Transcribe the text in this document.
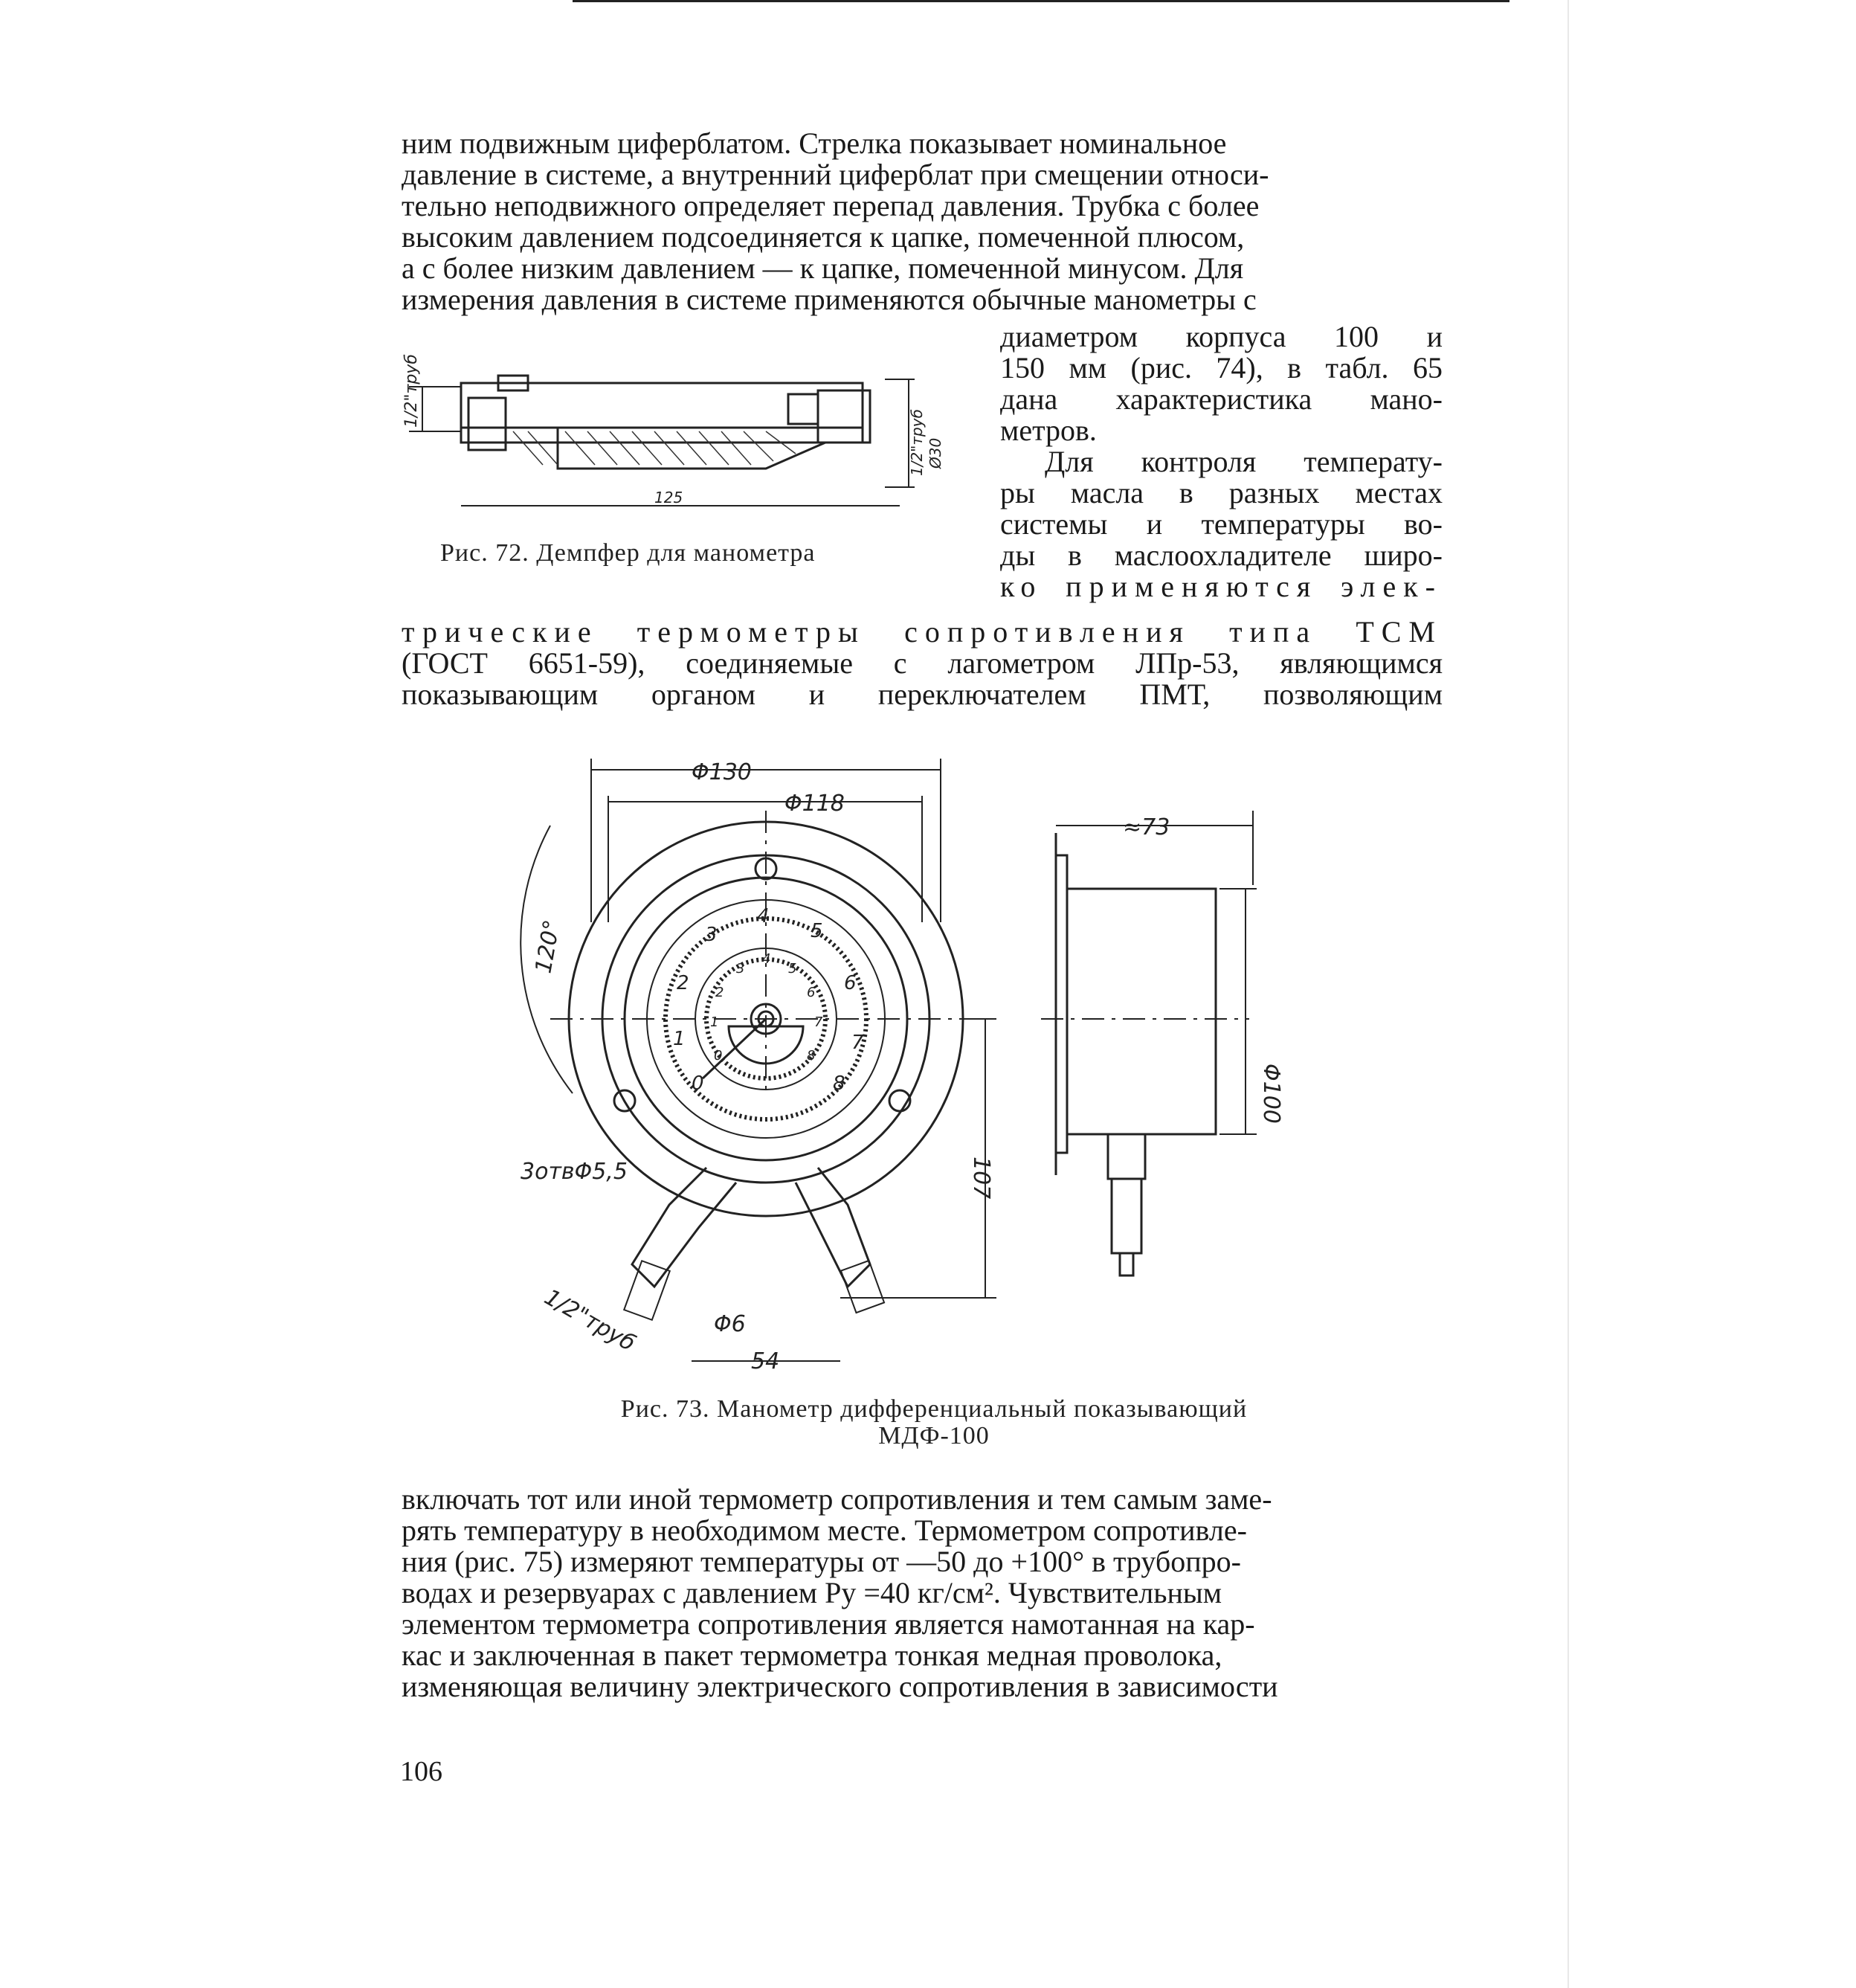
ним подвижным циферблатом. Стрелка показывает номинальное
давление в системе, а внутренний циферблат при смещении относи-
тельно неподвижного определяет перепад давления. Трубка с более
высоким давлением подсоединяется к цапке, помеченной плюсом,
а с более низким давлением — к цапке, помеченной минусом. Для
измерения давления в системе применяются обычные манометры с
диаметром корпуса 100 и
150 мм (рис. 74), в табл. 65
дана характеристика мано-
метров.
Для контроля температу-
ры масла в разных местах
системы и температуры во-
ды в маслоохладителе широ-
ко применяются элек-
трические термометры сопротивления типа ТСМ
(ГОСТ 6651-59), соединяемые с лагометром ЛПр-53, являющимся
показывающим органом и переключателем ПМТ, позволяющим
1/2"труб
1/2"труб Ø30
125
Рис. 72. Демпфер для манометра
0
1
2
3
4
5
6
7
8
0
1
2
3
4
5
6
7
8
Φ130
Φ118
≈73
Φ100
107
120°
3отвΦ5,5
1/2"труб	Φ6
54
Рис. 73. Манометр дифференциальный показывающий
МДФ-100
включать тот или иной термометр сопротивления и тем самым заме-
рять температуру в необходимом месте. Термометром сопротивле-
ния (рис. 75) измеряют температуры от —50 до +100° в трубопро-
водах и резервуарах с давлением Pу =40 кг/см². Чувствительным
элементом термометра сопротивления является намотанная на кар-
кас и заключенная в пакет термометра тонкая медная проволока,
изменяющая величину электрического сопротивления в зависимости
106
